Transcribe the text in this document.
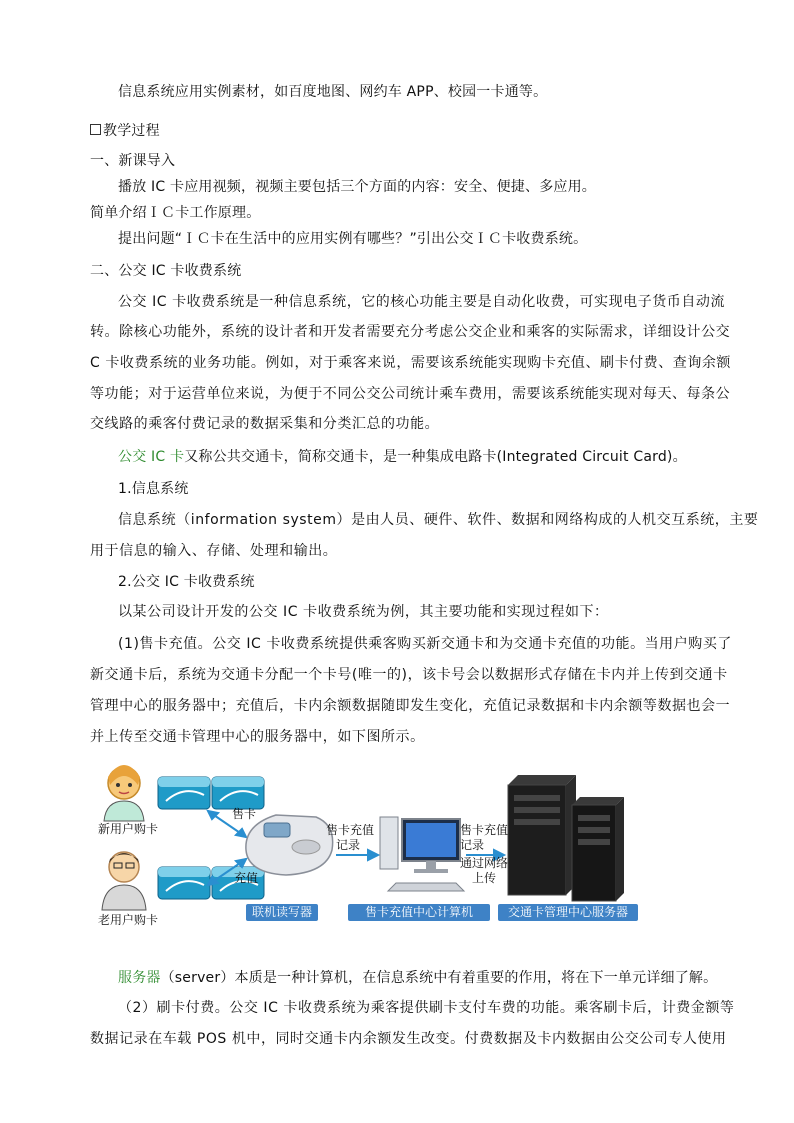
信息系统应用实例素材，如百度地图、网约车 APP、校园一卡通等。
教学过程
一、新课导入
播放 IC 卡应用视频，视频主要包括三个方面的内容：安全、便捷、多应用。
简单介绍ＩＣ卡工作原理。
提出问题“ＩＣ卡在生活中的应用实例有哪些？”引出公交ＩＣ卡收费系统。
二、公交 IC 卡收费系统
公交 IC 卡收费系统是一种信息系统，它的核心功能主要是自动化收费，可实现电子货币自动流
转。除核心功能外，系统的设计者和开发者需要充分考虑公交企业和乘客的实际需求，详细设计公交
C 卡收费系统的业务功能。例如，对于乘客来说，需要该系统能实现购卡充值、刷卡付费、查询余额
等功能；对于运营单位来说，为便于不同公交公司统计乘车费用，需要该系统能实现对每天、每条公
交线路的乘客付费记录的数据采集和分类汇总的功能。
公交 IC 卡又称公共交通卡，简称交通卡，是一种集成电路卡(Integrated Circuit Card)。
1.信息系统
信息系统（information system）是由人员、硬件、软件、数据和网络构成的人机交互系统，主要
用于信息的输入、存储、处理和输出。
2.公交 IC 卡收费系统
以某公司设计开发的公交 IC 卡收费系统为例，其主要功能和实现过程如下：
(1)售卡充值。公交 IC 卡收费系统提供乘客购买新交通卡和为交通卡充值的功能。当用户购买了
新交通卡后，系统为交通卡分配一个卡号(唯一的)，该卡号会以数据形式存储在卡内并上传到交通卡
管理中心的服务器中；充值后，卡内余额数据随即发生变化，充值记录数据和卡内余额等数据也会一
并上传至交通卡管理中心的服务器中，如下图所示。
新用户购卡
老用户购卡
售卡
充值
售卡充值
记录
售卡充值
记录
通过网络
上传
联机读写器	售卡充值中心计算机	交通卡管理中心服务器
服务器（server）本质是一种计算机，在信息系统中有着重要的作用，将在下一单元详细了解。
（2）刷卡付费。公交 IC 卡收费系统为乘客提供刷卡支付车费的功能。乘客刷卡后，计费金额等
数据记录在车载 POS 机中，同时交通卡内余额发生改变。付费数据及卡内数据由公交公司专人使用
